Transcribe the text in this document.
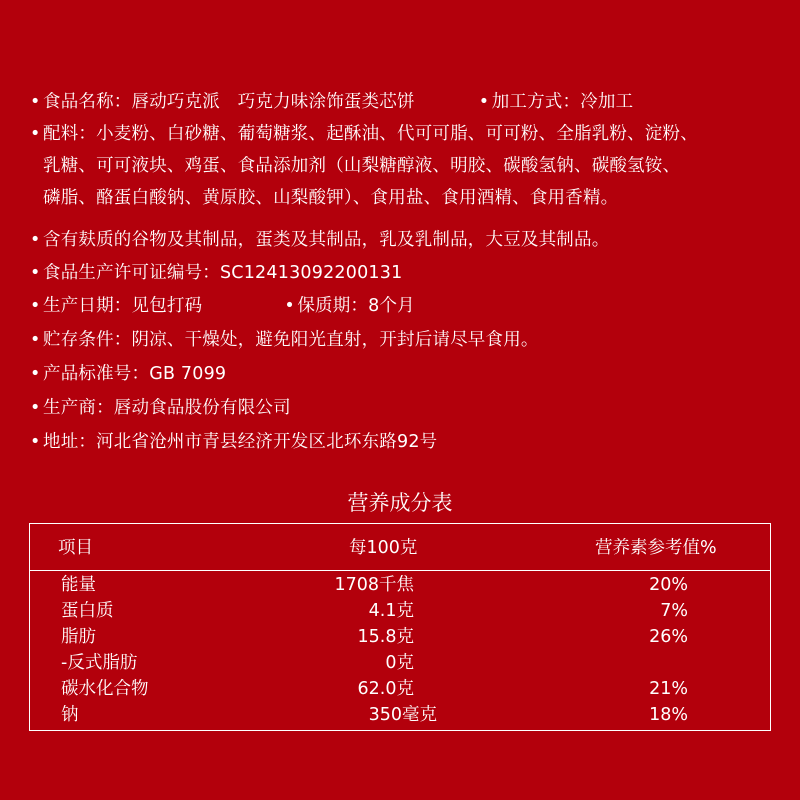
• 食品名称：唇动巧克派　巧克力味涂饰蛋类芯饼	• 加工方式：冷加工
• 配料：小麦粉、白砂糖、葡萄糖浆、起酥油、代可可脂、可可粉、全脂乳粉、淀粉、
乳糖、可可液块、鸡蛋、食品添加剂（山梨糖醇液、明胶、碳酸氢钠、碳酸氢铵、
磷脂、酪蛋白酸钠、黄原胶、山梨酸钾）、食用盐、食用酒精、食用香精。
• 含有麸质的谷物及其制品，蛋类及其制品，乳及乳制品，大豆及其制品。
• 食品生产许可证编号：SC12413092200131
• 生产日期：见包打码	• 保质期：8个月
• 贮存条件：阴凉、干燥处，避免阳光直射，开封后请尽早食用。
• 产品标准号：GB 7099
• 生产商：唇动食品股份有限公司
• 地址：河北省沧州市青县经济开发区北环东路92号
营养成分表
项目	每100克	营养素参考值%
能量	1708千焦	20%
蛋白质	4.1克	7%
脂肪	15.8克	26%
-反式脂肪	0克
碳水化合物	62.0克	21%
钠	350毫克	18%
